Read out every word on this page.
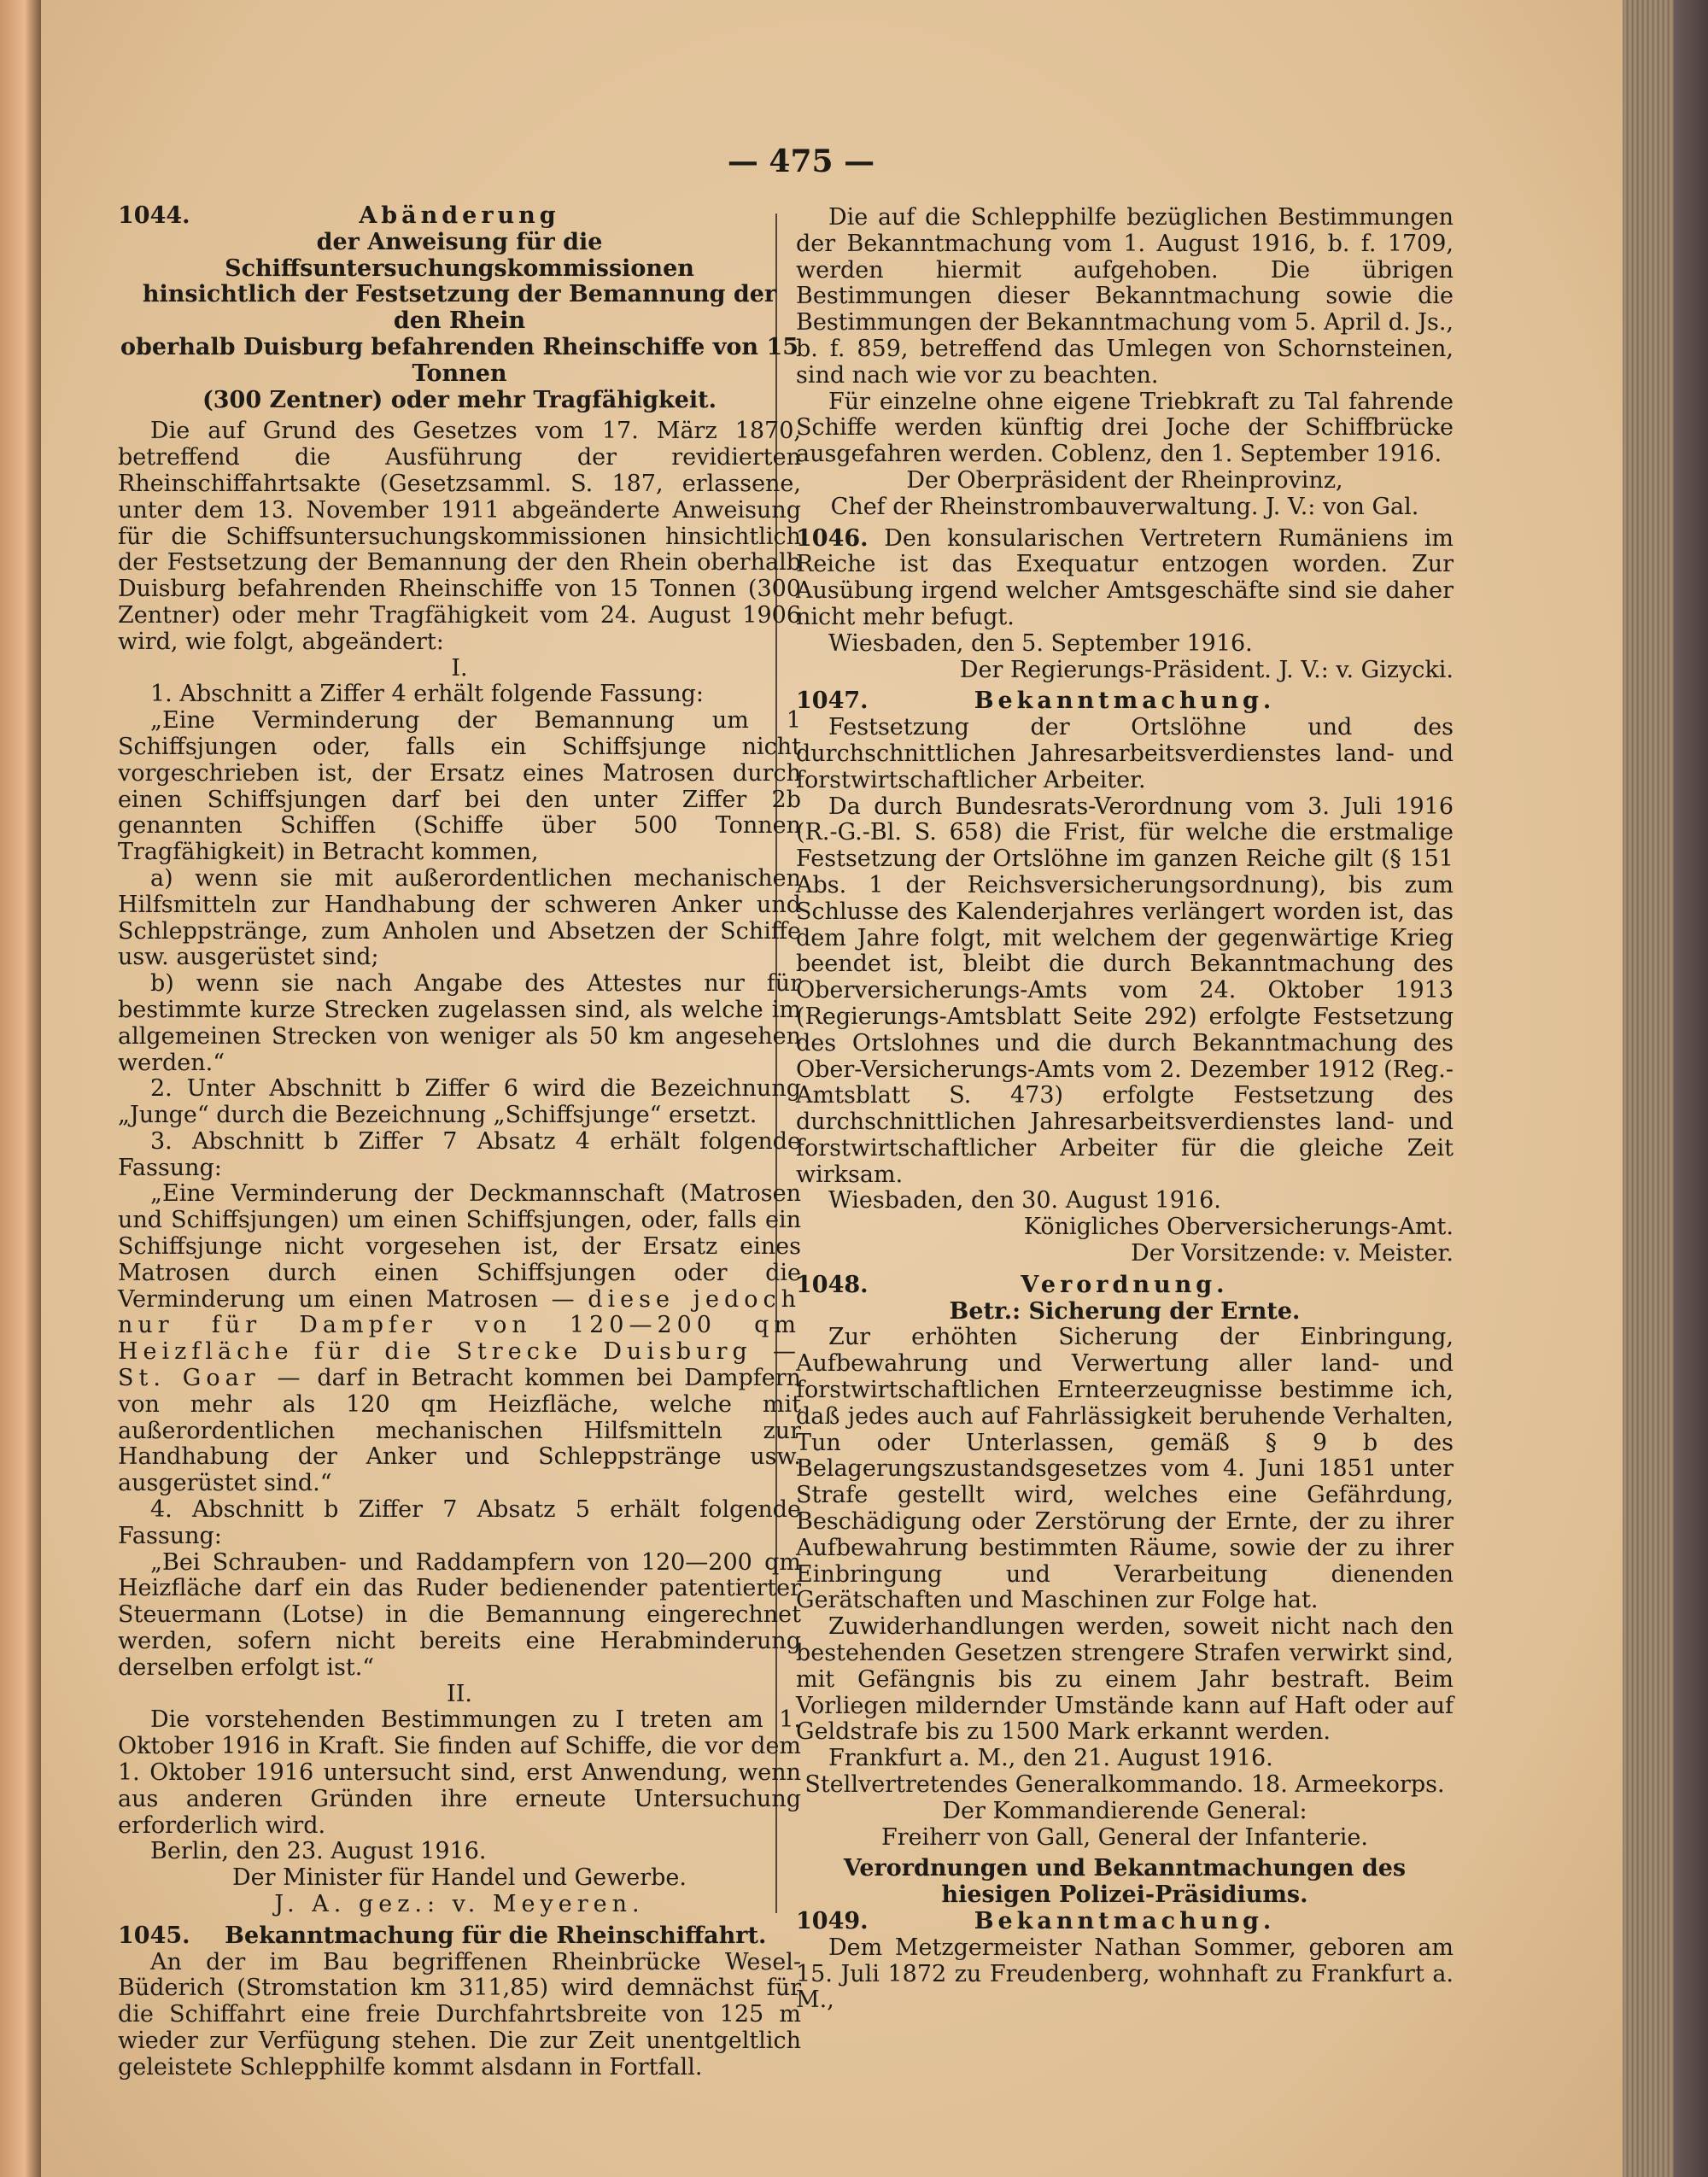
— 475 —
1044.	Abänderung

der Anweisung für die Schiffsuntersuchungskommissionen

hinsichtlich der Festsetzung der Bemannung der den Rhein

oberhalb Duisburg befahrenden Rheinschiffe von 15 Tonnen

(300 Zentner) oder mehr Tragfähigkeit.

Die auf Grund des Gesetzes vom 17. März 1870, betreffend die Ausführung der revidierten Rheinschiffahrtsakte (Gesetzsamml. S. 187, erlassene, unter dem 13. November 1911 abgeänderte Anweisung für die Schiffsuntersuchungskommissionen hinsichtlich der Festsetzung der Bemannung der den Rhein oberhalb Duisburg befahrenden Rheinschiffe von 15 Tonnen (300 Zentner) oder mehr Tragfähigkeit vom 24. August 1906 wird, wie folgt, abgeändert:

I.

1. Abschnitt a Ziffer 4 erhält folgende Fassung:

„Eine Verminderung der Bemannung um 1 Schiffsjungen oder, falls ein Schiffsjunge nicht vorgeschrieben ist, der Ersatz eines Matrosen durch einen Schiffsjungen darf bei den unter Ziffer 2b genannten Schiffen (Schiffe über 500 Tonnen Tragfähigkeit) in Betracht kommen,

a) wenn sie mit außerordentlichen mechanischen Hilfsmitteln zur Handhabung der schweren Anker und Schleppstränge, zum Anholen und Absetzen der Schiffe usw. ausgerüstet sind;

b) wenn sie nach Angabe des Attestes nur für bestimmte kurze Strecken zugelassen sind, als welche im allgemeinen Strecken von weniger als 50 km angesehen werden.“

2. Unter Abschnitt b Ziffer 6 wird die Bezeichnung „Junge“ durch die Bezeichnung „Schiffsjunge“ ersetzt.

3. Abschnitt b Ziffer 7 Absatz 4 erhält folgende Fassung:

„Eine Verminderung der Deckmannschaft (Matrosen und Schiffsjungen) um einen Schiffsjungen, oder, falls ein Schiffsjunge nicht vorgesehen ist, der Ersatz eines Matrosen durch einen Schiffsjungen oder die Verminderung um einen Matrosen — diese jedoch nur für Dampfer von 120—200 qm Heizfläche für die Strecke Duisburg — St. Goar — darf in Betracht kommen bei Dampfern von mehr als 120 qm Heizfläche, welche mit außerordentlichen mechanischen Hilfsmitteln zur Handhabung der Anker und Schleppstränge usw. ausgerüstet sind.“

4. Abschnitt b Ziffer 7 Absatz 5 erhält folgende Fassung:

„Bei Schrauben- und Raddampfern von 120—200 qm Heizfläche darf ein das Ruder bedienender patentierter Steuermann (Lotse) in die Bemannung eingerechnet werden, sofern nicht bereits eine Herabminderung derselben erfolgt ist.“

II.

Die vorstehenden Bestimmungen zu I treten am 1. Oktober 1916 in Kraft. Sie finden auf Schiffe, die vor dem 1. Oktober 1916 untersucht sind, erst Anwendung, wenn aus anderen Gründen ihre erneute Untersuchung erforderlich wird.

Berlin, den 23. August 1916.

Der Minister für Handel und Gewerbe.

J. A. gez.: v. Meyeren.

1045.	Bekanntmachung für die Rheinschiffahrt.

An der im Bau begriffenen Rheinbrücke Wesel-Büderich (Stromstation km 311,85) wird demnächst für die Schiffahrt eine freie Durchfahrtsbreite von 125 m wieder zur Verfügung stehen. Die zur Zeit unentgeltlich geleistete Schlepphilfe kommt alsdann in Fortfall.

Die auf die Schlepphilfe bezüglichen Bestimmungen der Bekanntmachung vom 1. August 1916, b. f. 1709, werden hiermit aufgehoben. Die übrigen Bestimmungen dieser Bekanntmachung sowie die Bestimmungen der Bekanntmachung vom 5. April d. Js., b. f. 859, betreffend das Umlegen von Schornsteinen, sind nach wie vor zu beachten.

Für einzelne ohne eigene Triebkraft zu Tal fahrende Schiffe werden künftig drei Joche der Schiffbrücke ausgefahren werden. Coblenz, den 1. September 1916.

Der Oberpräsident der Rheinprovinz,

Chef der Rheinstrombauverwaltung. J. V.: von Gal.

1046. Den konsularischen Vertretern Rumäniens im Reiche ist das Exequatur entzogen worden. Zur Ausübung irgend welcher Amtsgeschäfte sind sie daher nicht mehr befugt.

Wiesbaden, den 5. September 1916.

Der Regierungs-Präsident. J. V.: v. Gizycki.

1047.	Bekanntmachung.

Festsetzung der Ortslöhne und des durchschnittlichen Jahresarbeitsverdienstes land- und forstwirtschaftlicher Arbeiter.

Da durch Bundesrats-Verordnung vom 3. Juli 1916 (R.-G.-Bl. S. 658) die Frist, für welche die erstmalige Festsetzung der Ortslöhne im ganzen Reiche gilt (§ 151 Abs. 1 der Reichsversicherungsordnung), bis zum Schlusse des Kalenderjahres verlängert worden ist, das dem Jahre folgt, mit welchem der gegenwärtige Krieg beendet ist, bleibt die durch Bekanntmachung des Oberversicherungs-Amts vom 24. Oktober 1913 (Regierungs-Amtsblatt Seite 292) erfolgte Festsetzung des Ortslohnes und die durch Bekanntmachung des Ober-Versicherungs-Amts vom 2. Dezember 1912 (Reg.-Amtsblatt S. 473) erfolgte Festsetzung des durchschnittlichen Jahresarbeitsverdienstes land- und forstwirtschaftlicher Arbeiter für die gleiche Zeit wirksam.

Wiesbaden, den 30. August 1916.

Königliches Oberversicherungs-Amt.

Der Vorsitzende: v. Meister.

1048.	Verordnung.

Betr.: Sicherung der Ernte.

Zur erhöhten Sicherung der Einbringung, Aufbewahrung und Verwertung aller land- und forstwirtschaftlichen Ernteerzeugnisse bestimme ich, daß jedes auch auf Fahrlässigkeit beruhende Verhalten, Tun oder Unterlassen, gemäß § 9 b des Belagerungszustandsgesetzes vom 4. Juni 1851 unter Strafe gestellt wird, welches eine Gefährdung, Beschädigung oder Zerstörung der Ernte, der zu ihrer Aufbewahrung bestimmten Räume, sowie der zu ihrer Einbringung und Verarbeitung dienenden Gerätschaften und Maschinen zur Folge hat.

Zuwiderhandlungen werden, soweit nicht nach den bestehenden Gesetzen strengere Strafen verwirkt sind, mit Gefängnis bis zu einem Jahr bestraft. Beim Vorliegen mildernder Umstände kann auf Haft oder auf Geldstrafe bis zu 1500 Mark erkannt werden.

Frankfurt a. M., den 21. August 1916.

Stellvertretendes Generalkommando. 18. Armeekorps.

Der Kommandierende General:

Freiherr von Gall, General der Infanterie.

Verordnungen und Bekanntmachungen des hiesigen Polizei-Präsidiums.

1049.	Bekanntmachung.

Dem Metzgermeister Nathan Sommer, geboren am 15. Juli 1872 zu Freudenberg, wohnhaft zu Frankfurt a. M.,
